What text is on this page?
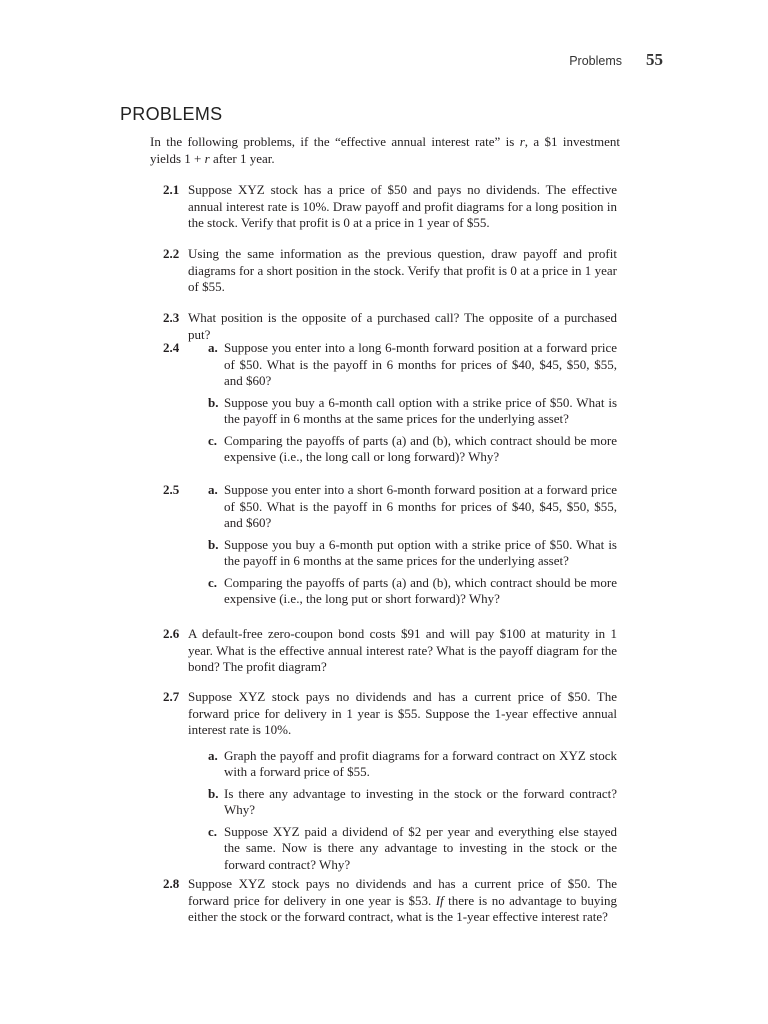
Problems 55
PROBLEMS

In the following problems, if the “effective annual interest rate” is r, a $1 investment yields 1 + r after 1 year.

2.1 Suppose XYZ stock has a price of $50 and pays no dividends. The effective annual interest rate is 10%. Draw payoff and profit diagrams for a long position in the stock. Verify that profit is 0 at a price in 1 year of $55.
2.2 Using the same information as the previous question, draw payoff and profit diagrams for a short position in the stock. Verify that profit is 0 at a price in 1 year of $55.
2.3 What position is the opposite of a purchased call? The opposite of a purchased put?
2.4	a. Suppose you enter into a long 6-month forward position at a forward price of $50. What is the payoff in 6 months for prices of $40, $45, $50, $55, and $60?
b. Suppose you buy a 6-month call option with a strike price of $50. What is the payoff in 6 months at the same prices for the underlying asset?
c. Comparing the payoffs of parts (a) and (b), which contract should be more expensive (i.e., the long call or long forward)? Why?
2.5	a. Suppose you enter into a short 6-month forward position at a forward price of $50. What is the payoff in 6 months for prices of $40, $45, $50, $55, and $60?
b. Suppose you buy a 6-month put option with a strike price of $50. What is the payoff in 6 months at the same prices for the underlying asset?
c. Comparing the payoffs of parts (a) and (b), which contract should be more expensive (i.e., the long put or short forward)? Why?
2.6 A default-free zero-coupon bond costs $91 and will pay $100 at maturity in 1 year. What is the effective annual interest rate? What is the payoff diagram for the bond? The profit diagram?
2.7 Suppose XYZ stock pays no dividends and has a current price of $50. The forward price for delivery in 1 year is $55. Suppose the 1-year effective annual interest rate is 10%.
a. Graph the payoff and profit diagrams for a forward contract on XYZ stock with a forward price of $55.
b. Is there any advantage to investing in the stock or the forward contract? Why?
c. Suppose XYZ paid a dividend of $2 per year and everything else stayed the same. Now is there any advantage to investing in the stock or the forward contract? Why?
2.8 Suppose XYZ stock pays no dividends and has a current price of $50. The forward price for delivery in one year is $53. If there is no advantage to buying either the stock or the forward contract, what is the 1-year effective interest rate?
